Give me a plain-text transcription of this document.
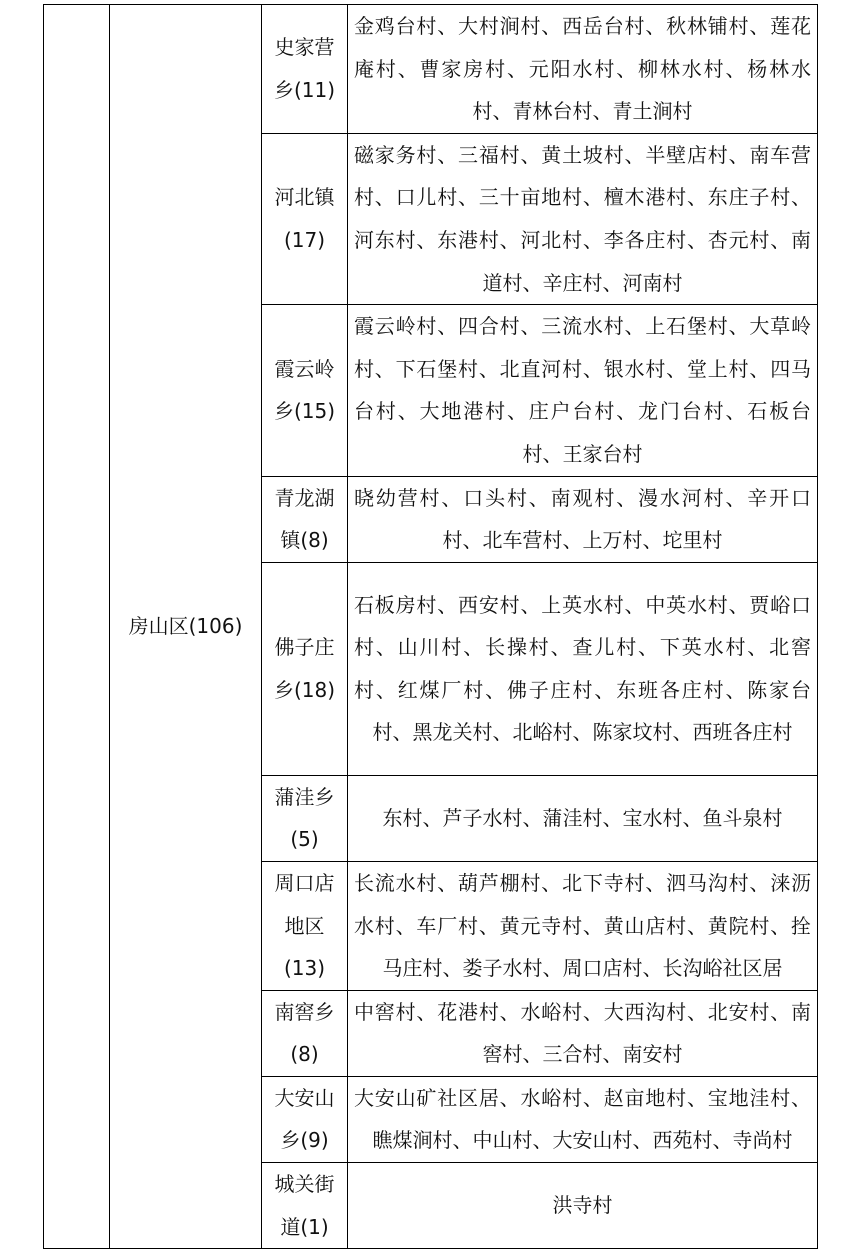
	房山区(106)	史家营乡(11)	金鸡台村、大村涧村、西岳台村、秋林铺村、莲花庵村、曹家房村、元阳水村、柳林水村、杨林水村、青林台村、青土涧村
		河北镇(17)	磁家务村、三福村、黄土坡村、半壁店村、南车营村、口儿村、三十亩地村、檀木港村、东庄子村、河东村、东港村、河北村、李各庄村、杏元村、南道村、辛庄村、河南村
		霞云岭乡(15)	霞云岭村、四合村、三流水村、上石堡村、大草岭村、下石堡村、北直河村、银水村、堂上村、四马台村、大地港村、庄户台村、龙门台村、石板台村、王家台村
		青龙湖镇(8)	晓幼营村、口头村、南观村、漫水河村、辛开口村、北车营村、上万村、坨里村
		佛子庄乡(18)	石板房村、西安村、上英水村、中英水村、贾峪口村、山川村、长操村、查儿村、下英水村、北窖村、红煤厂村、佛子庄村、东班各庄村、陈家台村、黑龙关村、北峪村、陈家坟村、西班各庄村
		蒲洼乡(5)	东村、芦子水村、蒲洼村、宝水村、鱼斗泉村
		周口店地区(13)	长流水村、葫芦棚村、北下寺村、泗马沟村、涞沥水村、车厂村、黄元寺村、黄山店村、黄院村、拴马庄村、娄子水村、周口店村、长沟峪社区居
		南窖乡(8)	中窖村、花港村、水峪村、大西沟村、北安村、南窖村、三合村、南安村
		大安山乡(9)	大安山矿社区居、水峪村、赵亩地村、宝地洼村、瞧煤涧村、中山村、大安山村、西苑村、寺尚村
		城关街道(1)	洪寺村
